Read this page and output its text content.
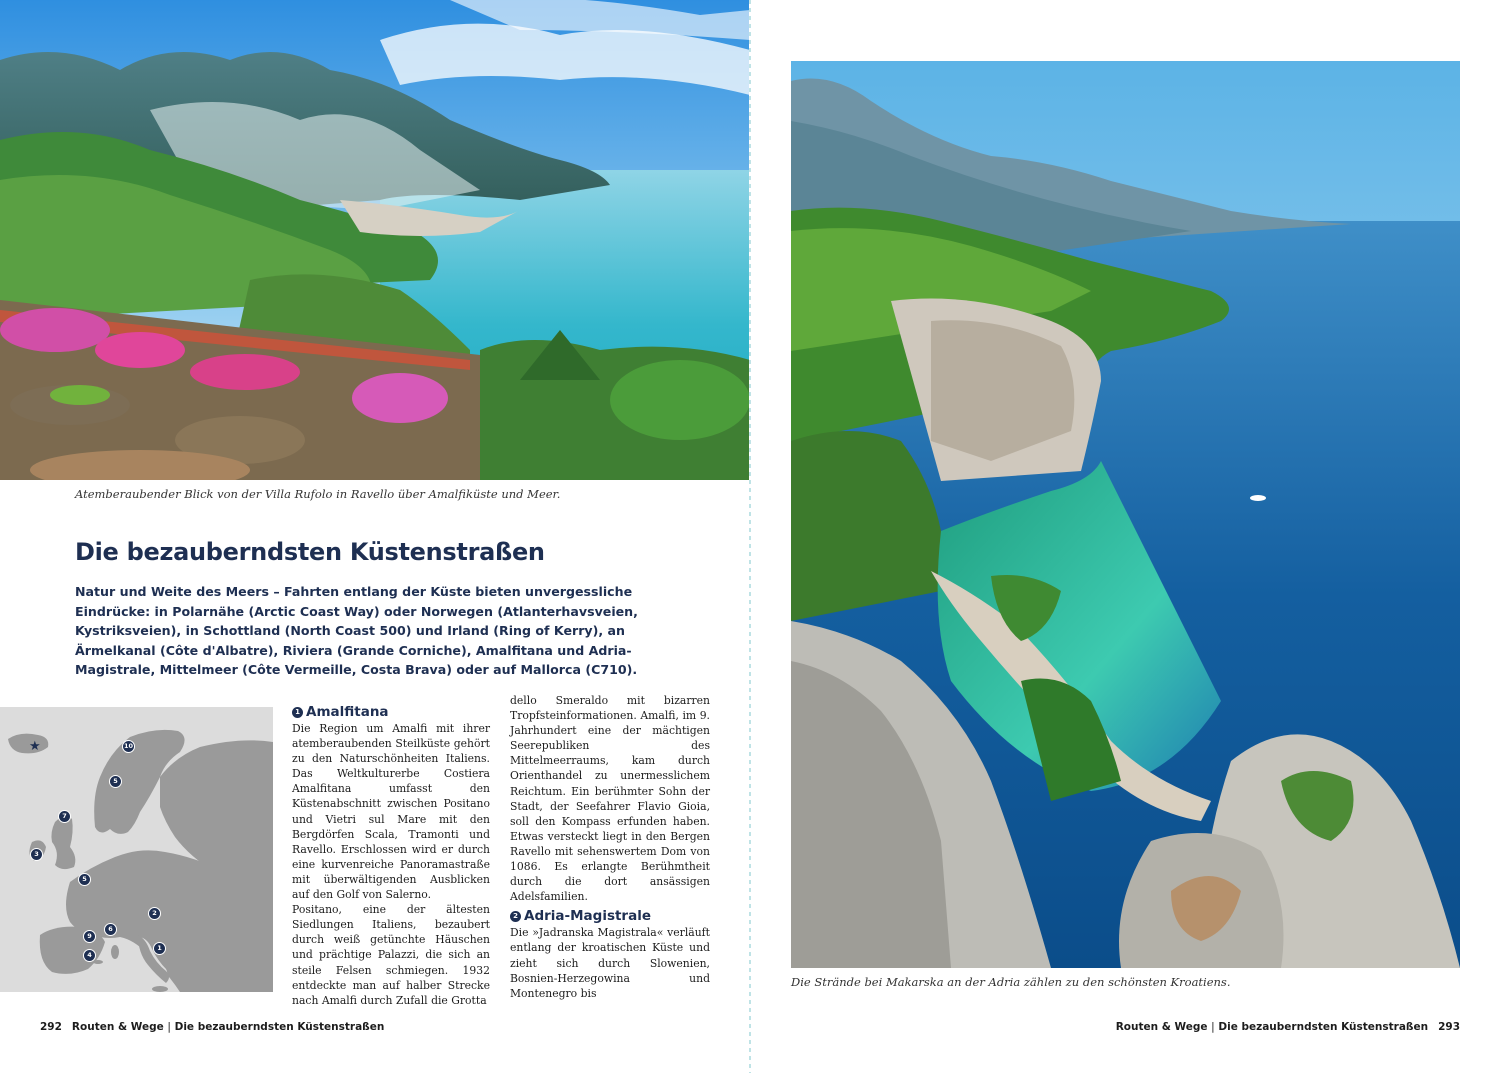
Atemberaubender Blick von der Villa Rufolo in Ravello über Amalfiküste und Meer.
Die bezauberndsten Küstenstraßen

Natur und Weite des Meers – Fahrten entlang der Küste bieten unvergessliche Eindrücke: in Polarnähe (Arctic Coast Way) oder Norwegen (Atlanterhavsveien, Kystriksveien), in Schottland (North Coast 500) und Irland (Ring of Kerry), an Ärmelkanal (Côte d'Albatre), Riviera (Grande Corniche), Amalfitana und Adria-Magistrale, Mittelmeer (Côte Vermeille, Costa Brava) oder auf Mallorca (C710).

★	10
5
7
3
5
2
6
9
1
4
1 Amalfitana

Die Region um Amalfi mit ihrer atemberaubenden Steilküste gehört zu den Naturschönheiten Italiens. Das Weltkulturerbe Costiera Amalfitana umfasst den Küstenabschnitt zwischen Positano und Vietri sul Mare mit den Bergdörfen Scala, Tramonti und Ravello. Erschlossen wird er durch eine kurvenreiche Panoramastraße mit überwältigenden Ausblicken auf den Golf von Salerno.

Positano, eine der ältesten Siedlungen Italiens, bezaubert durch weiß getünchte Häuschen und prächtige Palazzi, die sich an steile Felsen schmiegen. 1932 entdeckte man auf halber Strecke nach Amalfi durch Zufall die Grotta

dello Smeraldo mit bizarren Tropfsteinformationen. Amalfi, im 9. Jahrhundert eine der mächtigen Seerepubliken des Mittelmeerraums, kam durch Orienthandel zu unermesslichem Reichtum. Ein berühmter Sohn der Stadt, der Seefahrer Flavio Gioia, soll den Kompass erfunden haben. Etwas versteckt liegt in den Bergen Ravello mit sehenswertem Dom von 1086. Es erlangte Berühmtheit durch die dort ansässigen Adelsfamilien.

2 Adria-Magistrale

Die »Jadranska Magistrala« verläuft entlang der kroatischen Küste und zieht sich durch Slowenien, Bosnien-Herzegowina und Montenegro bis

292 Routen & Wege | Die bezauberndsten Küstenstraßen
Die Strände bei Makarska an der Adria zählen zu den schönsten Kroatiens.
Routen & Wege | Die bezauberndsten Küstenstraßen 293
